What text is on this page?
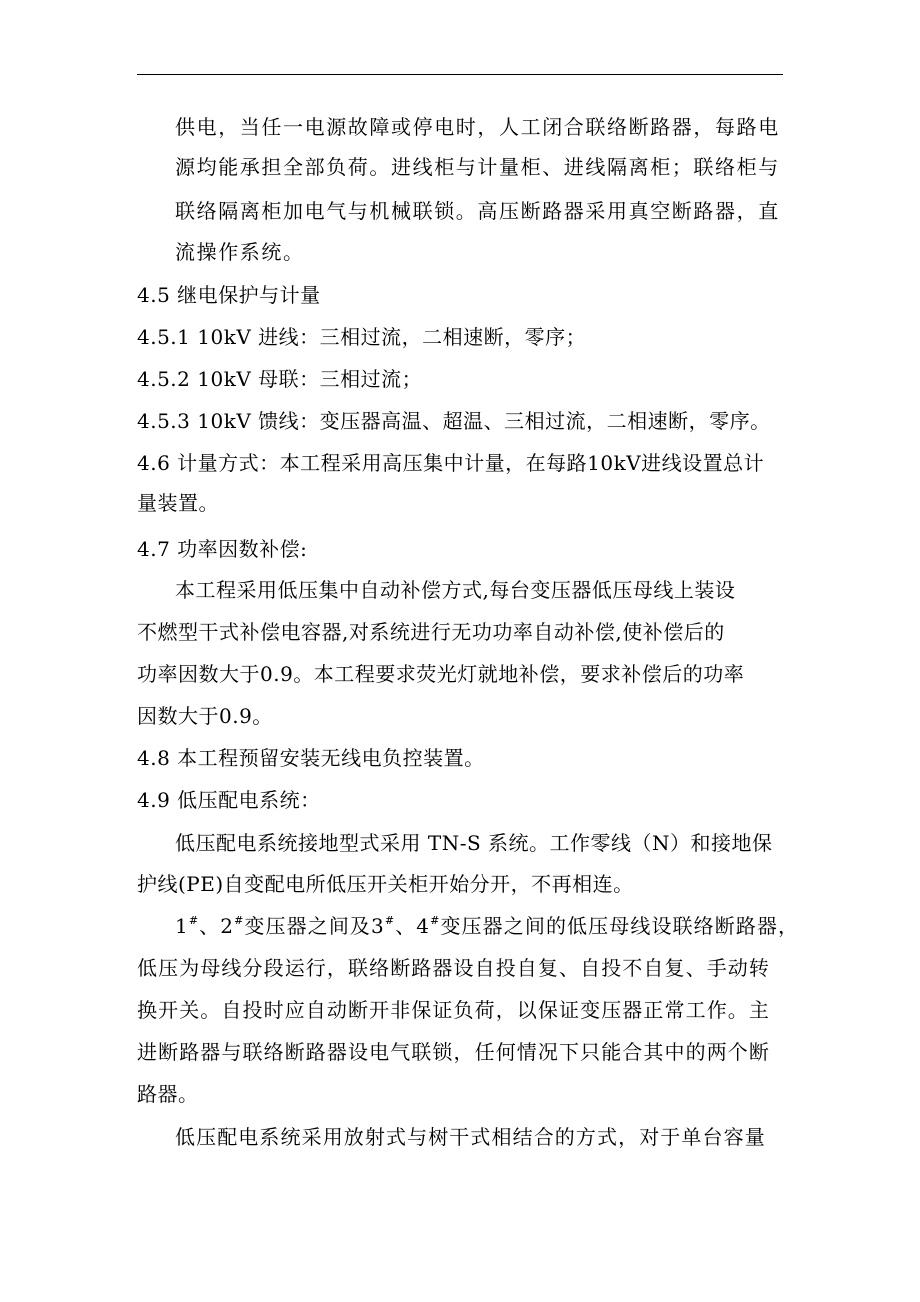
供电，当任一电源故障或停电时，人工闭合联络断路器，每路电
源均能承担全部负荷。进线柜与计量柜、进线隔离柜；联络柜与
联络隔离柜加电气与机械联锁。高压断路器采用真空断路器，直
流操作系统。
4.5 继电保护与计量
4.5.1 10kV 进线：三相过流，二相速断，零序；
4.5.2 10kV 母联：三相过流；
4.5.3 10kV 馈线：变压器高温、超温、三相过流，二相速断，零序。
4.6 计量方式：本工程采用高压集中计量，在每路10kV进线设置总计
量装置。
4.7 功率因数补偿:
本工程采用低压集中自动补偿方式,每台变压器低压母线上装设
不燃型干式补偿电容器,对系统进行无功功率自动补偿,使补偿后的
功率因数大于0.9。本工程要求荧光灯就地补偿，要求补偿后的功率
因数大于0.9。
4.8 本工程预留安装无线电负控装置。
4.9 低压配电系统：
低压配电系统接地型式采用 TN-S 系统。工作零线（N）和接地保
护线(PE)自变配电所低压开关柜开始分开，不再相连。
1#、2#变压器之间及3#、4#变压器之间的低压母线设联络断路器，
低压为母线分段运行，联络断路器设自投自复、自投不自复、手动转
换开关。自投时应自动断开非保证负荷，以保证变压器正常工作。主
进断路器与联络断路器设电气联锁，任何情况下只能合其中的两个断
路器。
低压配电系统采用放射式与树干式相结合的方式，对于单台容量
